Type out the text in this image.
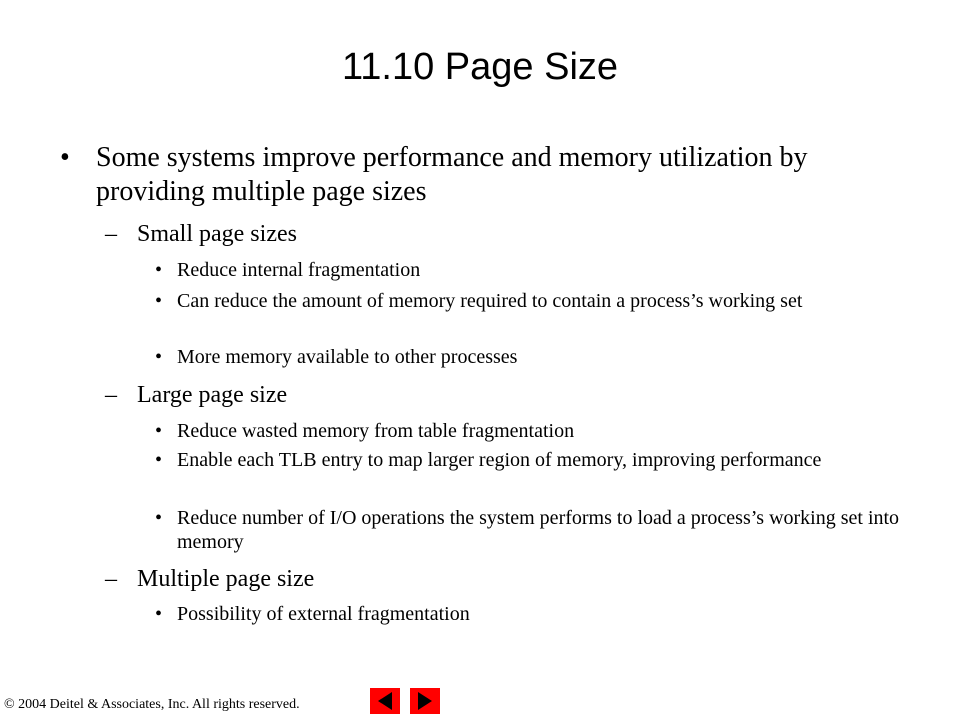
11.10 Page Size
• Some systems improve performance and memory utilization by providing multiple page sizes
– Small page sizes
• Reduce internal fragmentation
• Can reduce the amount of memory required to contain a process’s working set
• More memory available to other processes
– Large page size
• Reduce wasted memory from table fragmentation
• Enable each TLB entry to map larger region of memory, improving performance
• Reduce number of I/O operations the system performs to load a process’s working set into memory
– Multiple page size
• Possibility of external fragmentation
© 2004 Deitel & Associates, Inc. All rights reserved.
